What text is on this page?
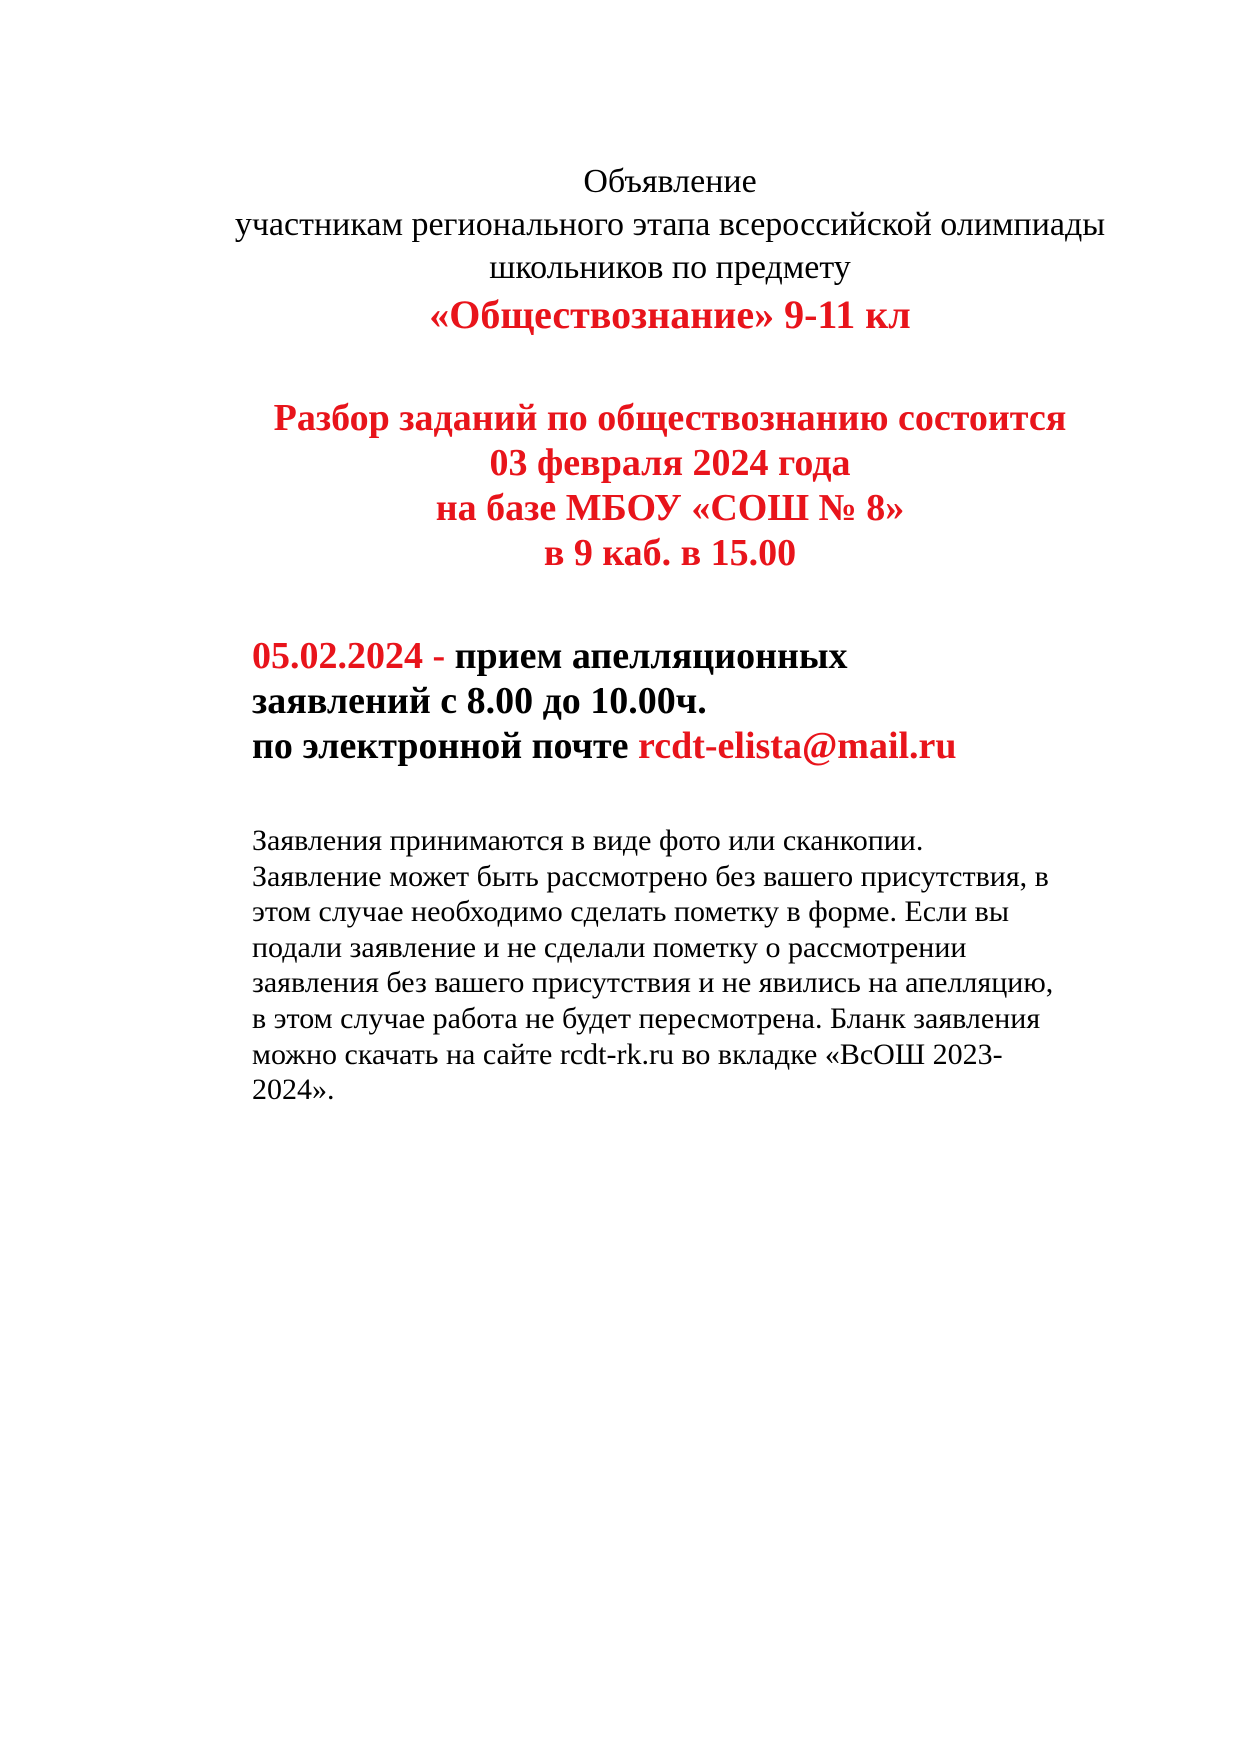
Объявление
участникам регионального этапа всероссийской олимпиады
школьников по предмету
«Обществознание» 9-11 кл
Разбор заданий по обществознанию состоится
03 февраля 2024 года
на базе МБОУ «СОШ № 8»
в 9 каб. в 15.00
05.02.2024 - прием апелляционных
заявлений с 8.00 до 10.00ч.
по электронной почте rcdt-elista@mail.ru
Заявления принимаются в виде фото или сканкопии.
Заявление может быть рассмотрено без вашего присутствия, в
этом случае необходимо сделать пометку в форме. Если вы
подали заявление и не сделали пометку о рассмотрении
заявления без вашего присутствия и не явились на апелляцию,
в этом случае работа не будет пересмотрена. Бланк заявления
можно скачать на сайте rcdt-rk.ru во вкладке «ВсОШ 2023-
2024».
